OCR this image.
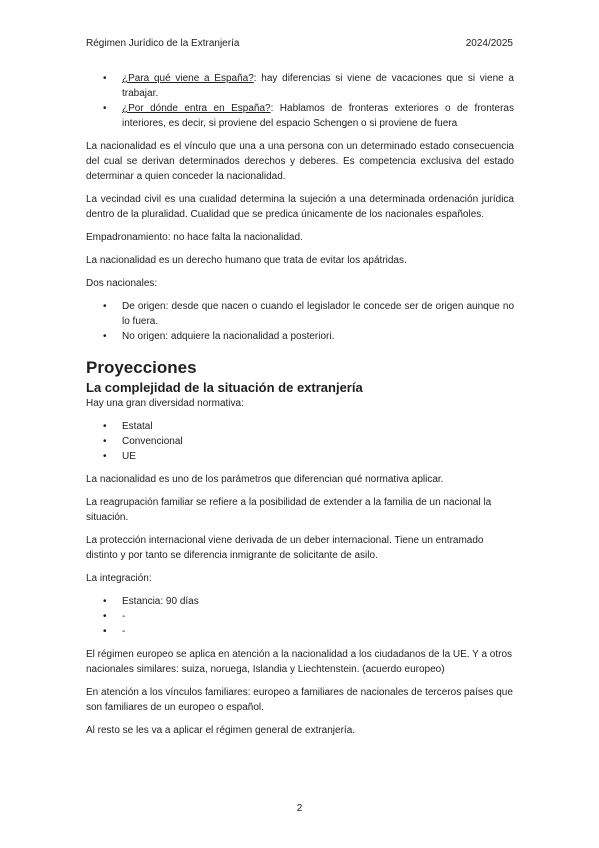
Régimen Jurídico de la Extranjería	2024/2025
• ¿Para qué viene a España?: hay diferencias si viene de vacaciones que si viene a trabajar.
• ¿Por dónde entra en España?: Hablamos de fronteras exteriores o de fronteras interiores, es decir, si proviene del espacio Schengen o si proviene de fuera

La nacionalidad es el vínculo que una a una persona con un determinado estado consecuencia del cual se derivan determinados derechos y deberes. Es competencia exclusiva del estado determinar a quien conceder la nacionalidad.

La vecindad civil es una cualidad determina la sujeción a una determinada ordenación jurídica dentro de la pluralidad. Cualidad que se predica únicamente de los nacionales españoles.

Empadronamiento: no hace falta la nacionalidad.

La nacionalidad es un derecho humano que trata de evitar los apátridas.

Dos nacionales:

• De origen: desde que nacen o cuando el legislador le concede ser de origen aunque no lo fuera.
• No origen: adquiere la nacionalidad a posteriori.
Proyecciones
La complejidad de la situación de extranjería

Hay una gran diversidad normativa:

• Estatal
• Convencional
• UE

La nacionalidad es uno de los parámetros que diferencian qué normativa aplicar.

La reagrupación familiar se refiere a la posibilidad de extender a la familia de un nacional la situación.

La protección internacional viene derivada de un deber internacional. Tiene un entramado distinto y por tanto se diferencia inmigrante de solicitante de asilo.

La integración:

• Estancia: 90 días
• -
• -

El régimen europeo se aplica en atención a la nacionalidad a los ciudadanos de la UE. Y a otros nacionales similares: suiza, noruega, Islandia y Liechtenstein. (acuerdo europeo)

En atención a los vínculos familiares: europeo a familiares de nacionales de terceros países que son familiares de un europeo o español.

Al resto se les va a aplicar el régimen general de extranjería.

2
